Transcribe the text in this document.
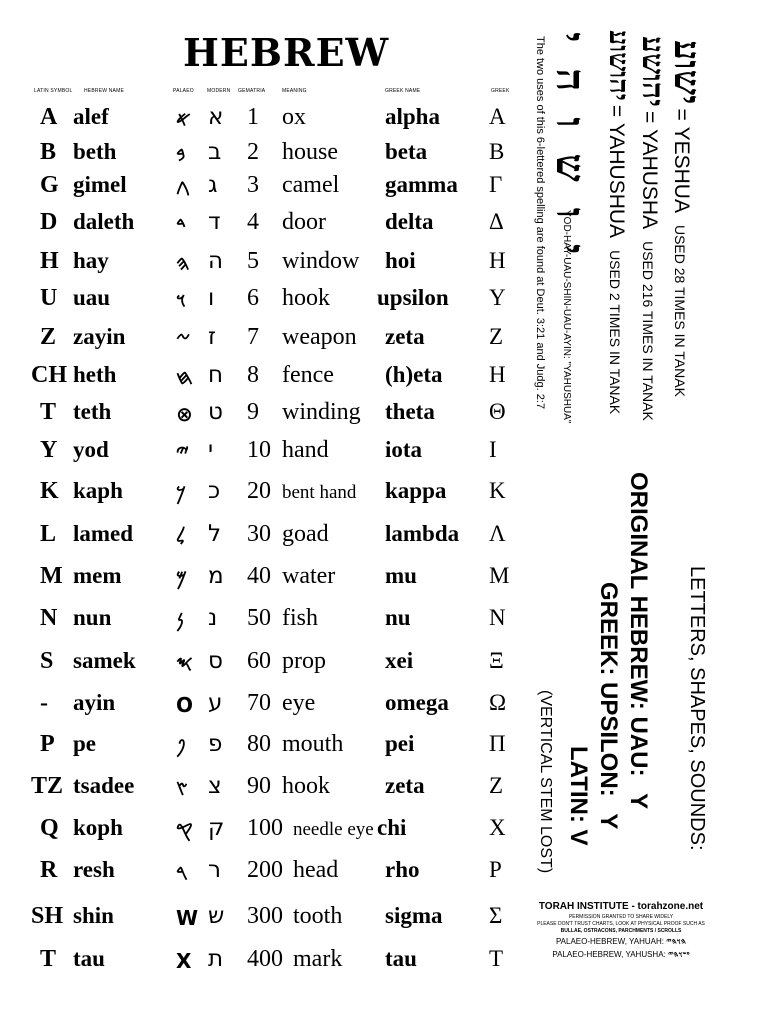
HEBREW
LATIN SYMBOL HEBREW NAME	PALAEO	MODERN GEMATRIA	MEANING	GREEK NAME	GREEK
A alef	𐤀 א 1 ox	alpha A
B beth	𐤁 ב 2 house beta	B
G gimel 𐤂 ג 3 camel gamma Γ
D daleth 𐤃 ד 4 door	delta Δ
H hay	𐤄 ה 5 window hoi	H
U uau	𐤅 ו 6 hook upsilon Y
Z zayin	𐤆 ז 7 weapon zeta	Z
CH heth	𐤇 ח 8 fence (h)eta H
T teth	⊗ ט 9 winding theta Θ
Y yod	𐤉 י 10 hand iota	I
K kaph	𐤊 כ 20 bent hand kappa K
L lamed 𐤋 ל 30 goad lambda Λ
M mem	𐤌 מ 40 water mu	M
N nun	𐤍 נ 50 fish	nu	N
S samek 𐤎 ס 60 prop	xei	Ξ
- ayin	O ע 70 eye	omega Ω
P pe	𐤐 פ 80 mouth pei	Π
TZ tsadee 𐤑 צ 90 hook zeta	Z
Q koph	𐤒 ק 100 needle eye chi	X
R resh	𐤓 ר 200 head rho	P
SH shin	W ש 300 tooth sigma Σ
T tau	X ת 400 mark tau	T
ישוע = YESHUA USED 28 TIMES IN TANAK
יהושע = YAHUSHA USED 216 TIMES IN TANAK
יהושוע = YAHUSHUA USED 2 TIMES IN TANAK
י ו ש ו ה י
YOD-HAY-UAU-SHIN-UAU-AYIN: "YAHUSHUA"
The two uses of this 6-lettered spelling are found at Deut. 3:21 and Judg. 2:7
LETTERS, SHAPES, SOUNDS:
ORIGINAL HEBREW: UAU: Y
GREEK: UPSILON: Y
LATIN: V
(VERTICAL STEM LOST)
TORAH INSTITUTE - torahzone.net
PERMISSION GRANTED TO SHARE WIDELY
PLEASE DON'T TRUST CHARTS, LOOK AT PHYSICAL PROOF SUCH AS
BULLAE, OSTRACONS, PARCHMENTS / SCROLLS
PALAEO-HEBREW, YAHUAH: 𐤄𐤅𐤄𐤉
PALAEO-HEBREW, YAHUSHA: 𐤏𐤔𐤅𐤄𐤉
